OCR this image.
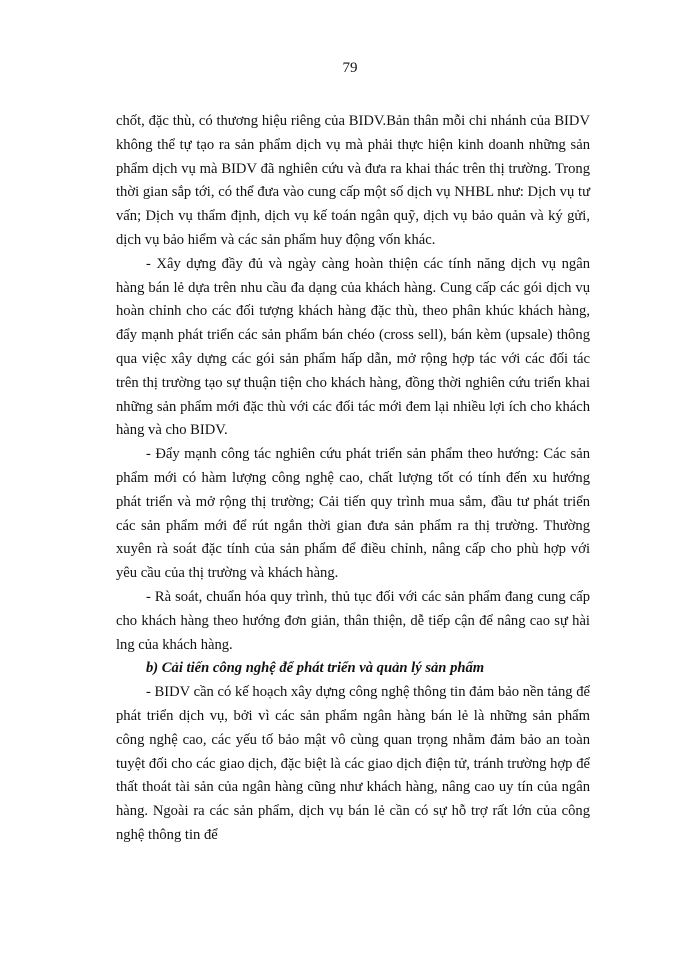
79

chốt, đặc thù, có thương hiệu riêng của BIDV.Bản thân mỗi chi nhánh của BIDV không thể tự tạo ra sản phẩm dịch vụ mà phải thực hiện kinh doanh những sản phẩm dịch vụ mà BIDV đã nghiên cứu và đưa ra khai thác trên thị trường. Trong thời gian sắp tới, có thể đưa vào cung cấp một số dịch vụ NHBL như: Dịch vụ tư vấn; Dịch vụ thẩm định, dịch vụ kế toán ngân quỹ, dịch vụ bảo quản và ký gửi, dịch vụ bảo hiểm và các sản phẩm huy động vốn khác.

- Xây dựng đầy đủ và ngày càng hoàn thiện các tính năng dịch vụ ngân hàng bán lẻ dựa trên nhu cầu đa dạng của khách hàng. Cung cấp các gói dịch vụ hoàn chỉnh cho các đối tượng khách hàng đặc thù, theo phân khúc khách hàng, đẩy mạnh phát triển các sản phẩm bán chéo (cross sell), bán kèm (upsale) thông qua việc xây dựng các gói sản phẩm hấp dẫn, mở rộng hợp tác với các đối tác trên thị trường tạo sự thuận tiện cho khách hàng, đồng thời nghiên cứu triển khai những sản phẩm mới đặc thù với các đối tác mới đem lại nhiều lợi ích cho khách hàng và cho BIDV.

- Đẩy mạnh công tác nghiên cứu phát triển sản phẩm theo hướng: Các sản phẩm mới có hàm lượng công nghệ cao, chất lượng tốt có tính đến xu hướng phát triển và mở rộng thị trường; Cải tiến quy trình mua sắm, đầu tư phát triển các sản phẩm mới để rút ngắn thời gian đưa sản phẩm ra thị trường. Thường xuyên rà soát đặc tính của sản phẩm để điều chỉnh, nâng cấp cho phù hợp với yêu cầu của thị trường và khách hàng.

- Rà soát, chuẩn hóa quy trình, thủ tục đối với các sản phẩm đang cung cấp cho khách hàng theo hướng đơn giản, thân thiện, dễ tiếp cận để nâng cao sự hài lng của khách hàng.

b) Cải tiến công nghệ để phát triển và quản lý sản phẩm

- BIDV cần có kế hoạch xây dựng công nghệ thông tin đảm bảo nền tảng để phát triển dịch vụ, bởi vì các sản phẩm ngân hàng bán lẻ là những sản phẩm công nghệ cao, các yếu tố bảo mật vô cùng quan trọng nhằm đảm bảo an toàn tuyệt đối cho các giao dịch, đặc biệt là các giao dịch điện tử, tránh trường hợp để thất thoát tài sản của ngân hàng cũng như khách hàng, nâng cao uy tín của ngân hàng. Ngoài ra các sản phẩm, dịch vụ bán lẻ cần có sự hỗ trợ rất lớn của công nghệ thông tin để
